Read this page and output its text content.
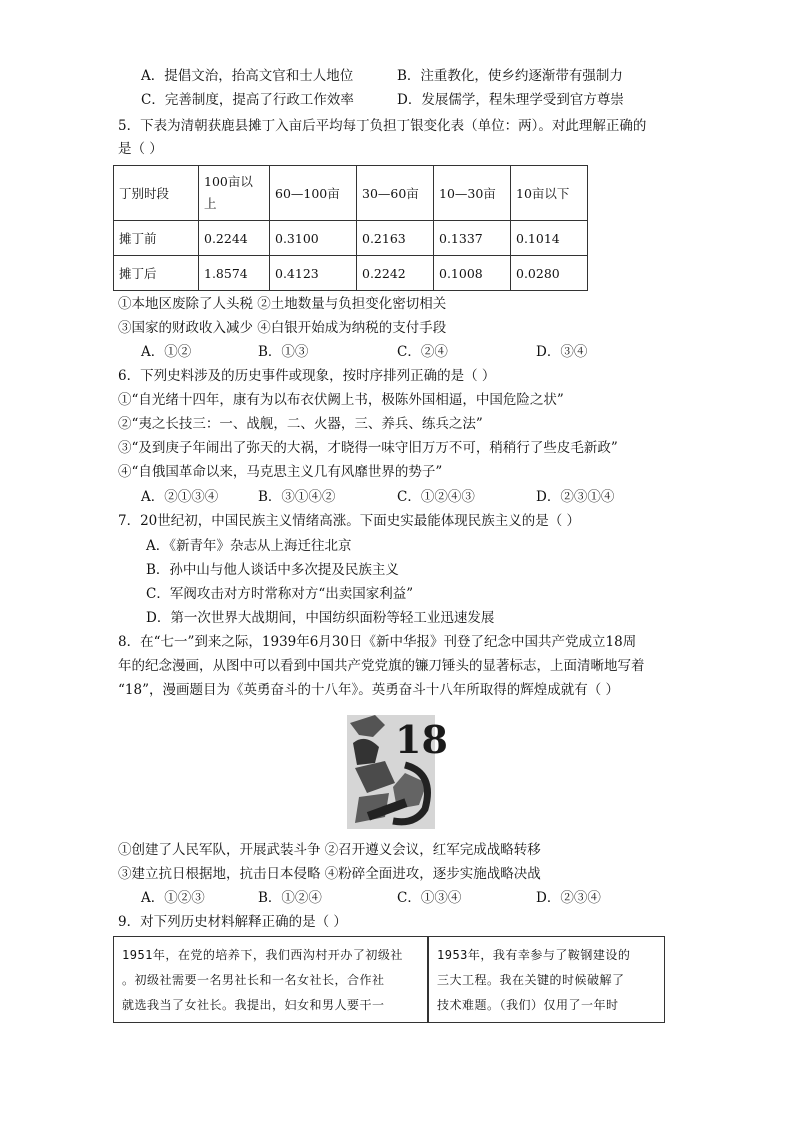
A．提倡文治，抬高文官和士人地位	B．注重教化，使乡约逐渐带有强制力
C．完善制度，提高了行政工作效率	D．发展儒学，程朱理学受到官方尊崇
5．下表为清朝获鹿县摊丁入亩后平均每丁负担丁银变化表（单位：两）。对此理解正确的
是（ ）
丁别时段	100亩以上	60—100亩	30—60亩	10—30亩	10亩以下
摊丁前	0.2244	0.3100	0.2163	0.1337	0.1014
摊丁后	1.8574	0.4123	0.2242	0.1008	0.0280
①本地区废除了人头税 ②土地数量与负担变化密切相关
③国家的财政收入减少 ④白银开始成为纳税的支付手段
A．①②	B．①③	C．②④	D．③④
6．下列史料涉及的历史事件或现象，按时序排列正确的是（ ）
①“自光绪十四年，康有为以布衣伏阙上书，极陈外国相逼，中国危险之状”
②“夷之长技三：一、战舰，二、火器，三、养兵、练兵之法”
③“及到庚子年闹出了弥天的大祸，才晓得一味守旧万万不可，稍稍行了些皮毛新政”
④“自俄国革命以来，马克思主义几有风靡世界的势子”
A．②①③④	B．③①④②	C．①②④③	D．②③①④
7．20世纪初，中国民族主义情绪高涨。下面史实最能体现民族主义的是（ ）
A．《新青年》杂志从上海迁往北京
B．孙中山与他人谈话中多次提及民族主义
C．军阀攻击对方时常称对方“出卖国家利益”
D．第一次世界大战期间，中国纺织面粉等轻工业迅速发展
8．在“七一”到来之际，1939年6月30日《新中华报》刊登了纪念中国共产党成立18周
年的纪念漫画，从图中可以看到中国共产党党旗的镰刀锤头的显著标志，上面清晰地写着
“18”，漫画题目为《英勇奋斗的十八年》。英勇奋斗十八年所取得的辉煌成就有（ ）
18
①创建了人民军队，开展武装斗争 ②召开遵义会议，红军完成战略转移
③建立抗日根据地，抗击日本侵略 ④粉碎全面进攻，逐步实施战略决战
A．①②③	B．①②④	C．①③④	D．②③④
9．对下列历史材料解释正确的是（ ）
1951年，在党的培养下，我们西沟村开办了初级社
。初级社需要一名男社长和一名女社长，合作社
就选我当了女社长。我提出，妇女和男人要干一

1953年，我有幸参与了鞍钢建设的
三大工程。我在关键的时候破解了
技术难题。（我们）仅用了一年时
